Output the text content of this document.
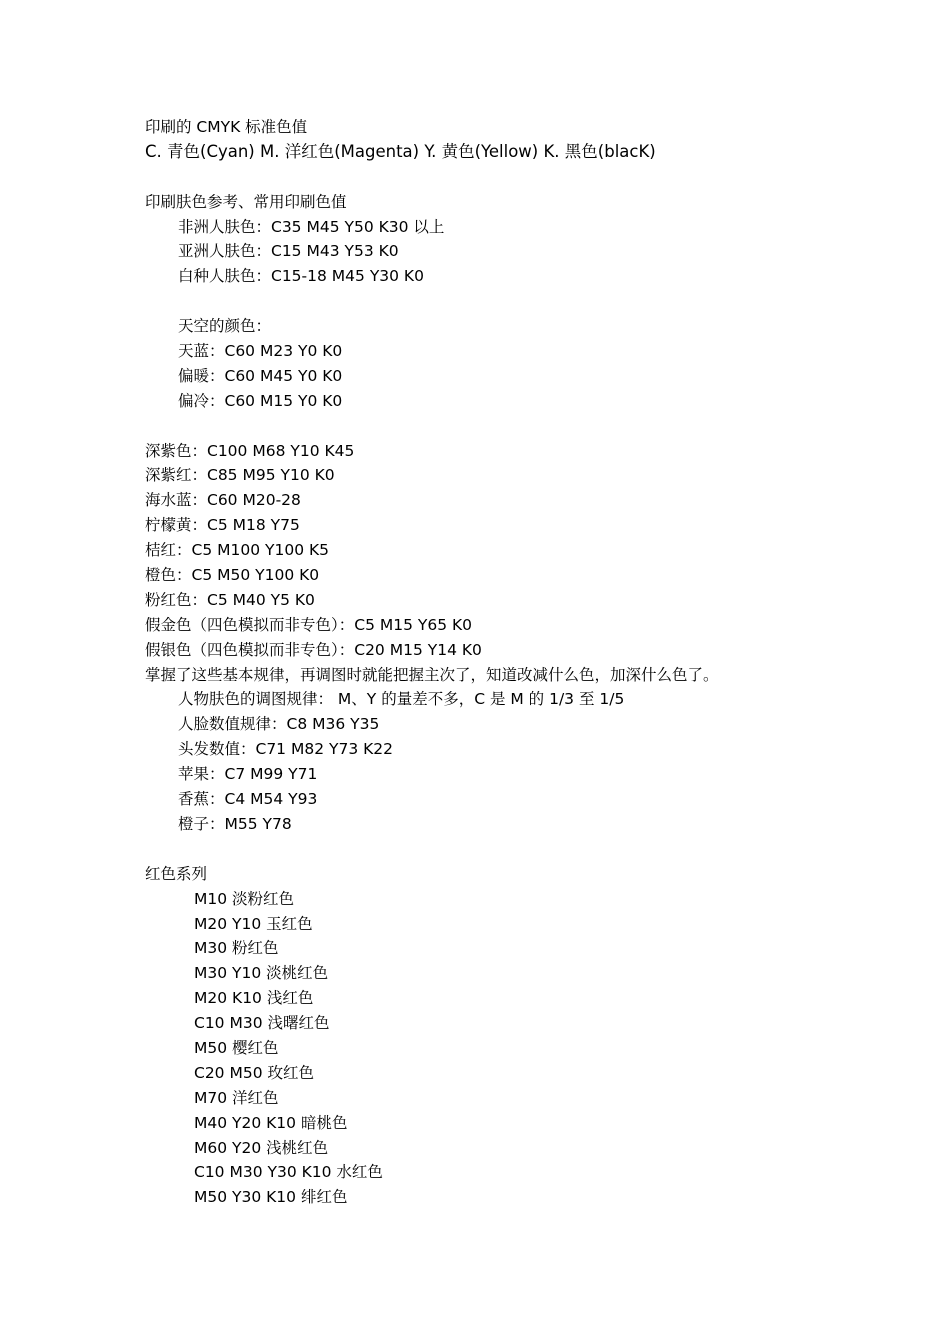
印刷的 CMYK 标准色值
C. 青色(Cyan) M. 洋红色(Magenta) Y. 黄色(Yellow) K. 黑色(blacK)
印刷肤色参考、常用印刷色值
非洲人肤色：C35 M45 Y50 K30 以上
亚洲人肤色：C15 M43 Y53 K0
白种人肤色：C15-18 M45 Y30 K0
天空的颜色：
天蓝：C60 M23 Y0 K0
偏暖：C60 M45 Y0 K0
偏冷：C60 M15 Y0 K0
深紫色：C100 M68 Y10 K45
深紫红：C85 M95 Y10 K0
海水蓝：C60 M20-28
柠檬黄：C5 M18 Y75
桔红：C5 M100 Y100 K5
橙色：C5 M50 Y100 K0
粉红色：C5 M40 Y5 K0
假金色（四色模拟而非专色）：C5 M15 Y65 K0
假银色（四色模拟而非专色）：C20 M15 Y14 K0
掌握了这些基本规律，再调图时就能把握主次了，知道改减什么色，加深什么色了。
人物肤色的调图规律： M、Y 的量差不多，C 是 M 的 1/3 至 1/5
人脸数值规律：C8 M36 Y35
头发数值：C71 M82 Y73 K22
苹果：C7 M99 Y71
香蕉：C4 M54 Y93
橙子：M55 Y78
红色系列
M10 淡粉红色
M20 Y10 玉红色
M30 粉红色
M30 Y10 淡桃红色
M20 K10 浅红色
C10 M30 浅曙红色
M50 樱红色
C20 M50 玫红色
M70 洋红色
M40 Y20 K10 暗桃色
M60 Y20 浅桃红色
C10 M30 Y30 K10 水红色
M50 Y30 K10 绯红色
